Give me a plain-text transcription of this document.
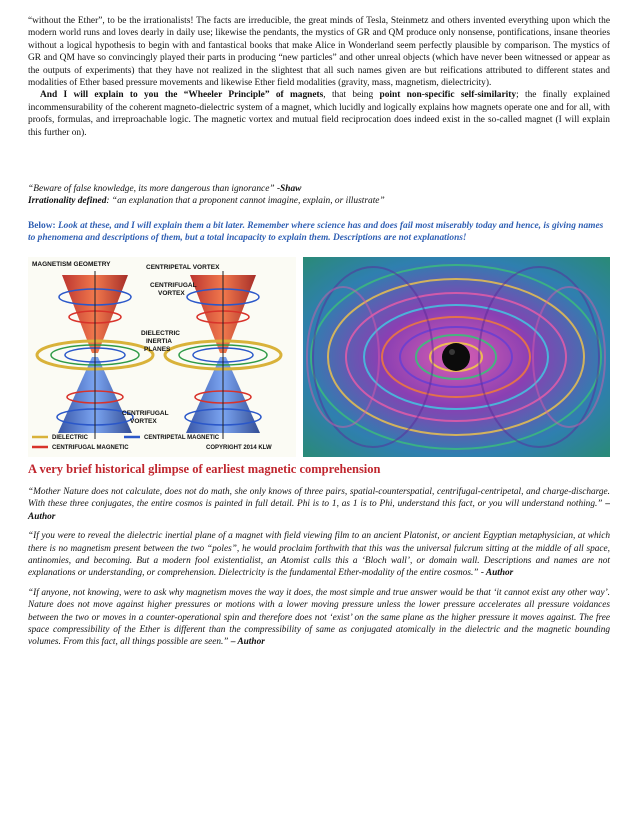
“without the Ether”, to be the irrationalists! The facts are irreducible, the great minds of Tesla, Steinmetz and others invented everything upon which the modern world runs and loves dearly in daily use; likewise the pendants, the mystics of GR and QM produce only nonsense, pontifications, insane theories without a logical hypothesis to begin with and fantastical books that make Alice in Wonderland seem perfectly plausible by comparison. The mystics of GR and QM have so convincingly played their parts in producing “new particles” and other unreal objects (which have never been witnessed or appear as the outputs of experiments) that they have not realized in the slightest that all such names given are but reifications attributed to different states and modalities of Ether based pressure movements and likewise Ether field modalities (gravity, mass, magnetism, dielectricity).

And I will explain to you the “Wheeler Principle” of magnets, that being point non-specific self-similarity; the finally explained incommensurability of the coherent magneto-dielectric system of a magnet, which lucidly and logically explains how magnets operate one and for all, with proofs, formulas, and irreproachable logic. The magnetic vortex and mutual field reciprocation does indeed exist in the so-called magnet (I will explain this further on).

“Beware of false knowledge, its more dangerous than ignorance” -Shaw

Irrationality defined: “an explanation that a proponent cannot imagine, explain, or illustrate”

Below: Look at these, and I will explain them a bit later. Remember where science has and does fail most miserably today and hence, is giving names to phenomena and descriptions of them, but a total incapacity to explain them. Descriptions are not explanations!

MAGNETISM GEOMETRY	CENTRIPETAL VORTEX
CENTRIFUGAL
VORTEX
DIELECTRIC
INERTIA
PLANES
CENTRIFUGAL
VORTEX
DIELECTRIC	CENTRIPETAL MAGNETIC
CENTRIFUGAL MAGNETIC	COPYRIGHT 2014 KLW

A very brief historical glimpse of earliest magnetic comprehension

“Mother Nature does not calculate, does not do math, she only knows of three pairs, spatial-counterspatial, centrifugal-centripetal, and charge-discharge. With these three conjugates, the entire cosmos is painted in full detail. Phi is to 1, as 1 is to Phi, understand this fact, or you will understand nothing.” – Author

“If you were to reveal the dielectric inertial plane of a magnet with field viewing film to an ancient Platonist, or ancient Egyptian metaphysician, at which there is no magnetism present between the two “poles”, he would proclaim forthwith that this was the universal fulcrum sitting at the middle of all space, antinomies, and becoming. But a modern fool existentialist, an Atomist calls this a ‘Bloch wall’, or domain wall. Descriptions and names are not explanations or understanding, or comprehension. Dielectricity is the fundamental Ether-modality of the entire cosmos.” - Author

“If anyone, not knowing, were to ask why magnetism moves the way it does, the most simple and true answer would be that ‘it cannot exist any other way’. Nature does not move against higher pressures or motions with a lower moving pressure unless the lower pressure accelerates all pressure voidances between the two or moves in a counter-operational spin and therefore does not ‘exist’ on the same plane as the higher pressure it moves against. The free space compressibility of the Ether is different than the compressibility of same as conjugated atomically in the dielectric and the magnetic bounding volumes. From this fact, all things possible are seen.” – Author
